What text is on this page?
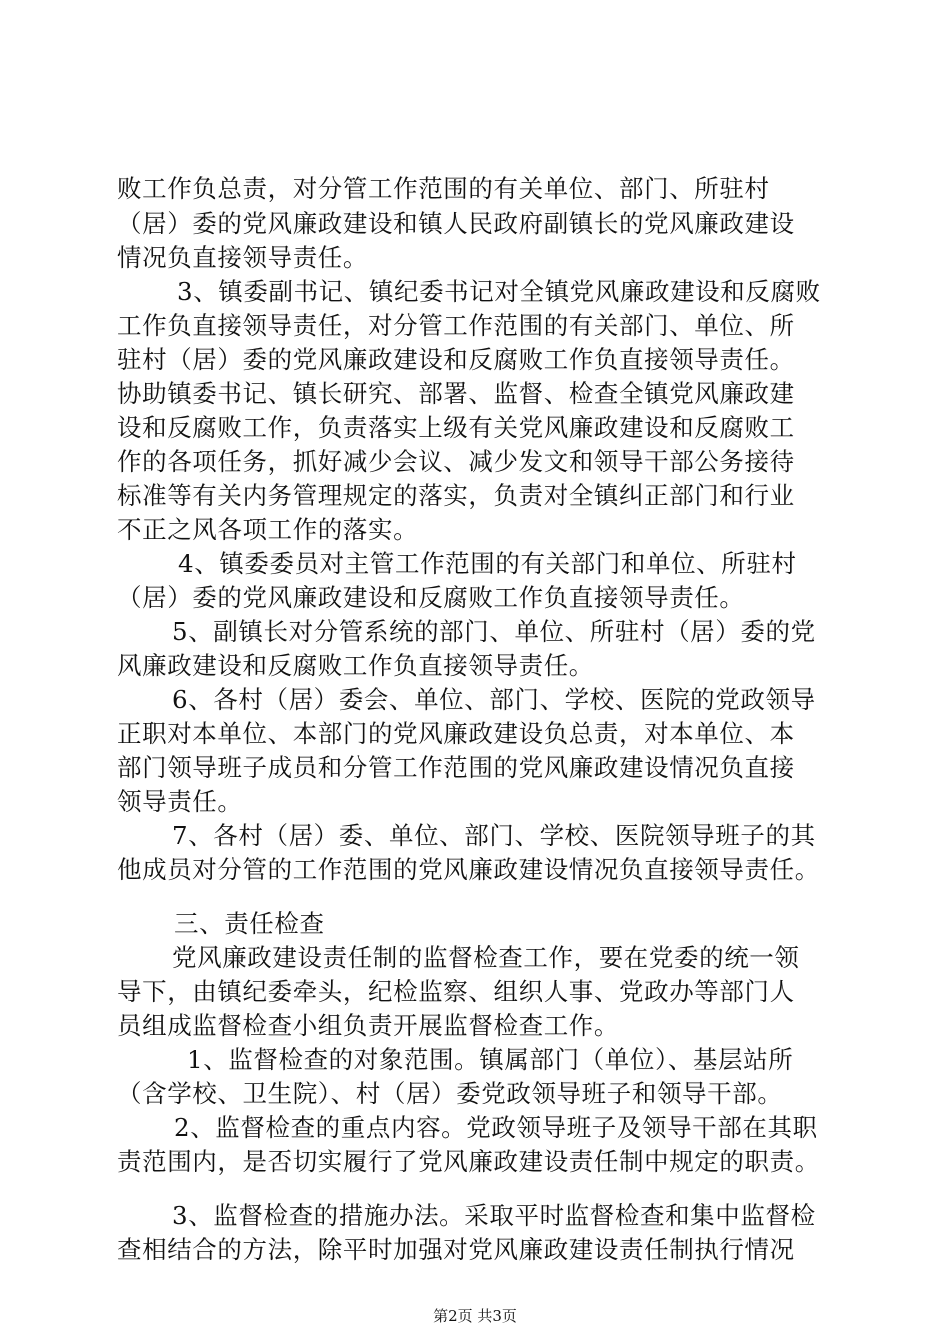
败工作负总责，对分管工作范围的有关单位、部门、所驻村
（居）委的党风廉政建设和镇人民政府副镇长的党风廉政建设
情况负直接领导责任。
3、镇委副书记、镇纪委书记对全镇党风廉政建设和反腐败
工作负直接领导责任，对分管工作范围的有关部门、单位、所
驻村（居）委的党风廉政建设和反腐败工作负直接领导责任。
协助镇委书记、镇长研究、部署、监督、检查全镇党风廉政建
设和反腐败工作，负责落实上级有关党风廉政建设和反腐败工
作的各项任务，抓好减少会议、减少发文和领导干部公务接待
标准等有关内务管理规定的落实，负责对全镇纠正部门和行业
不正之风各项工作的落实。
4、镇委委员对主管工作范围的有关部门和单位、所驻村
（居）委的党风廉政建设和反腐败工作负直接领导责任。
5、副镇长对分管系统的部门、单位、所驻村（居）委的党
风廉政建设和反腐败工作负直接领导责任。
6、各村（居）委会、单位、部门、学校、医院的党政领导
正职对本单位、本部门的党风廉政建设负总责，对本单位、本
部门领导班子成员和分管工作范围的党风廉政建设情况负直接
领导责任。
7、各村（居）委、单位、部门、学校、医院领导班子的其
他成员对分管的工作范围的党风廉政建设情况负直接领导责任。
三、责任检查
党风廉政建设责任制的监督检查工作，要在党委的统一领
导下，由镇纪委牵头，纪检监察、组织人事、党政办等部门人
员组成监督检查小组负责开展监督检查工作。
1、监督检查的对象范围。镇属部门（单位）、基层站所
（含学校、卫生院）、村（居）委党政领导班子和领导干部。
2、监督检查的重点内容。党政领导班子及领导干部在其职
责范围内，是否切实履行了党风廉政建设责任制中规定的职责。
3、监督检查的措施办法。采取平时监督检查和集中监督检
查相结合的方法，除平时加强对党风廉政建设责任制执行情况
第2页 共3页
